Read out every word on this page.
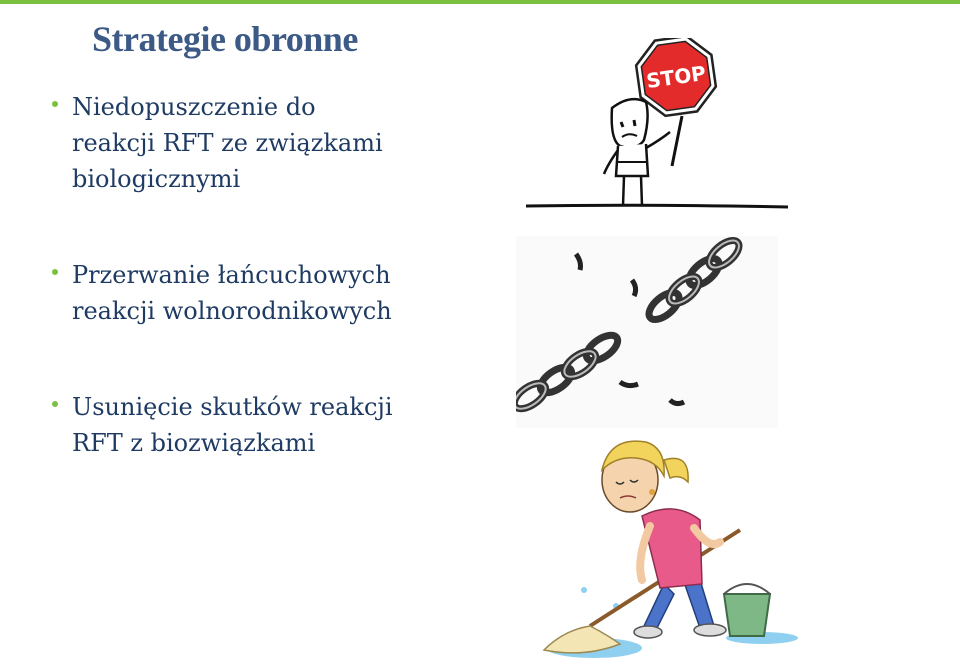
Strategie obronne
Niedopuszczenie do
reakcji RFT ze związkami
biologicznymi
Przerwanie łańcuchowych
reakcji wolnorodnikowych
Usunięcie skutków reakcji
RFT z biozwiązkami
STOP
